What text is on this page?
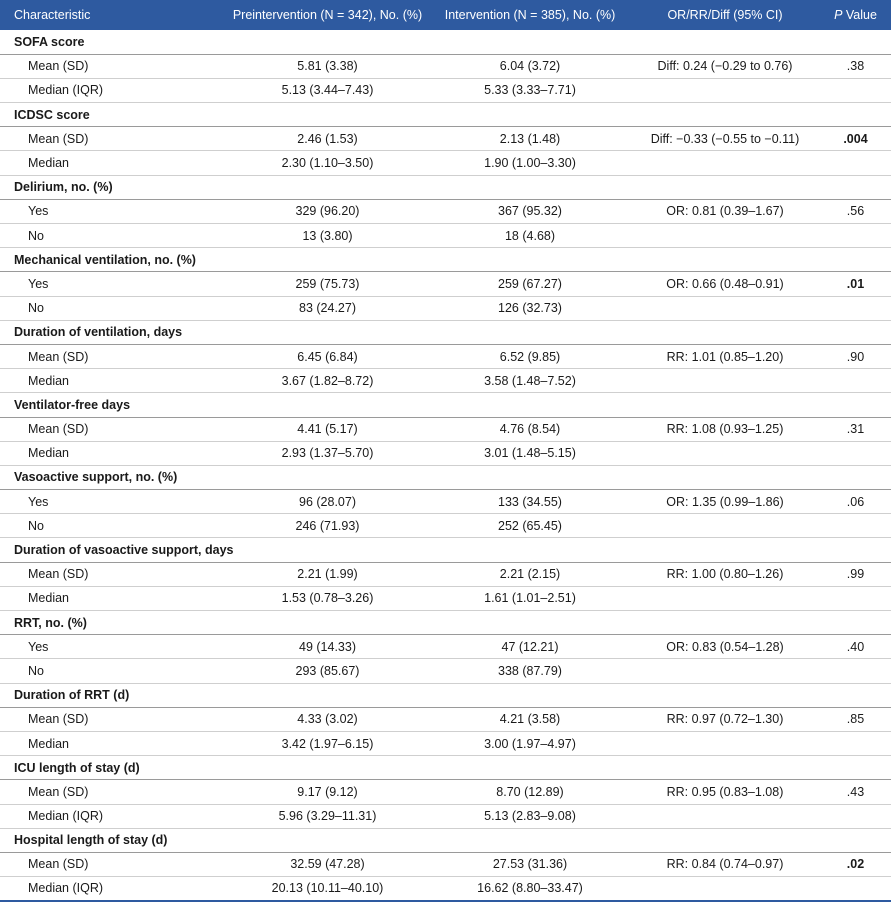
Characteristic	Preintervention (N = 342), No. (%)	Intervention (N = 385), No. (%)	OR/RR/Diff (95% CI)	P Value
SOFA score				
Mean (SD)	5.81 (3.38)	6.04 (3.72)	Diff: 0.24 (−0.29 to 0.76)	.38
Median (IQR)	5.13 (3.44–7.43)	5.33 (3.33–7.71)		
ICDSC score				
Mean (SD)	2.46 (1.53)	2.13 (1.48)	Diff: −0.33 (−0.55 to −0.11)	.004
Median	2.30 (1.10–3.50)	1.90 (1.00–3.30)		
Delirium, no. (%)				
Yes	329 (96.20)	367 (95.32)	OR: 0.81 (0.39–1.67)	.56
No	13 (3.80)	18 (4.68)		
Mechanical ventilation, no. (%)				
Yes	259 (75.73)	259 (67.27)	OR: 0.66 (0.48–0.91)	.01
No	83 (24.27)	126 (32.73)		
Duration of ventilation, days				
Mean (SD)	6.45 (6.84)	6.52 (9.85)	RR: 1.01 (0.85–1.20)	.90
Median	3.67 (1.82–8.72)	3.58 (1.48–7.52)		
Ventilator-free days				
Mean (SD)	4.41 (5.17)	4.76 (8.54)	RR: 1.08 (0.93–1.25)	.31
Median	2.93 (1.37–5.70)	3.01 (1.48–5.15)		
Vasoactive support, no. (%)				
Yes	96 (28.07)	133 (34.55)	OR: 1.35 (0.99–1.86)	.06
No	246 (71.93)	252 (65.45)		
Duration of vasoactive support, days				
Mean (SD)	2.21 (1.99)	2.21 (2.15)	RR: 1.00 (0.80–1.26)	.99
Median	1.53 (0.78–3.26)	1.61 (1.01–2.51)		
RRT, no. (%)				
Yes	49 (14.33)	47 (12.21)	OR: 0.83 (0.54–1.28)	.40
No	293 (85.67)	338 (87.79)		
Duration of RRT (d)				
Mean (SD)	4.33 (3.02)	4.21 (3.58)	RR: 0.97 (0.72–1.30)	.85
Median	3.42 (1.97–6.15)	3.00 (1.97–4.97)		
ICU length of stay (d)				
Mean (SD)	9.17 (9.12)	8.70 (12.89)	RR: 0.95 (0.83–1.08)	.43
Median (IQR)	5.96 (3.29–11.31)	5.13 (2.83–9.08)		
Hospital length of stay (d)				
Mean (SD)	32.59 (47.28)	27.53 (31.36)	RR: 0.84 (0.74–0.97)	.02
Median (IQR)	20.13 (10.11–40.10)	16.62 (8.80–33.47)		
